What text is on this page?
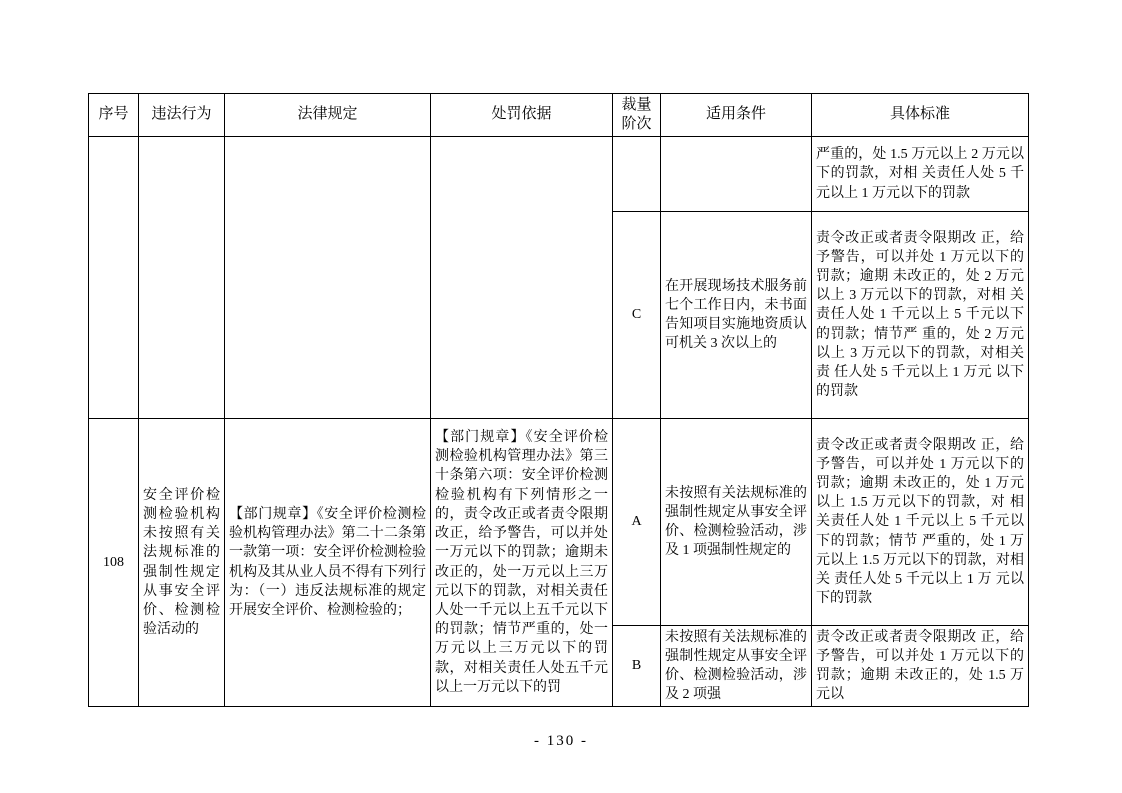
序号	违法行为	法律规定	处罚依据	裁量阶次	适用条件	具体标准
						严重的，处 1.5 万元以上 2 万元以下的罚款，对相 关责任人处 5 千元以上 1 万元以下的罚款
				C	在开展现场技术服务前七个工作日内，未书面告知项目实施地资质认可机关 3 次以上的	责令改正或者责令限期改 正，给予警告，可以并处 1 万元以下的罚款；逾期 未改正的，处 2 万元以上 3 万元以下的罚款，对相 关责任人处 1 千元以上 5 千元以下的罚款；情节严 重的，处 2 万元以上 3 万元以下的罚款，对相关责 任人处 5 千元以上 1 万元 以下的罚款
108	安全评价检测检验机构未按照有关法规标准的强制性规定从事安全评价、检测检验活动的	【部门规章】《安全评价检测检验机构管理办法》第二十二条第一款第一项：安全评价检测检验机构及其从业人员不得有下列行为：（一）违反法规标准的规定开展安全评价、检测检验的；	【部门规章】《安全评价检测检验机构管理办法》第三十条第六项：安全评价检测检验机构有下列情形之一的，责令改正或者责令限期改正，给予警告，可以并处一万元以下的罚款；逾期未改正的，处一万元以上三万元以下的罚款，对相关责任人处一千元以上五千元以下的罚款；情节严重的，处一万元以上三万元以下的罚款，对相关责任人处五千元以上一万元以下的罚	A	未按照有关法规标准的强制性规定从事安全评价、检测检验活动，涉及 1 项强制性规定的	责令改正或者责令限期改 正，给予警告，可以并处 1 万元以下的罚款；逾期 未改正的，处 1 万元以上 1.5 万元以下的罚款，对 相关责任人处 1 千元以上 5 千元以下的罚款；情节 严重的，处 1 万元以上 1.5 万元以下的罚款，对相关 责任人处 5 千元以上 1 万 元以下的罚款
				B	未按照有关法规标准的强制性规定从事安全评价、检测检验活动，涉及 2 项强	责令改正或者责令限期改 正，给予警告，可以并处 1 万元以下的罚款；逾期 未改正的，处 1.5 万元以
- 130 -
